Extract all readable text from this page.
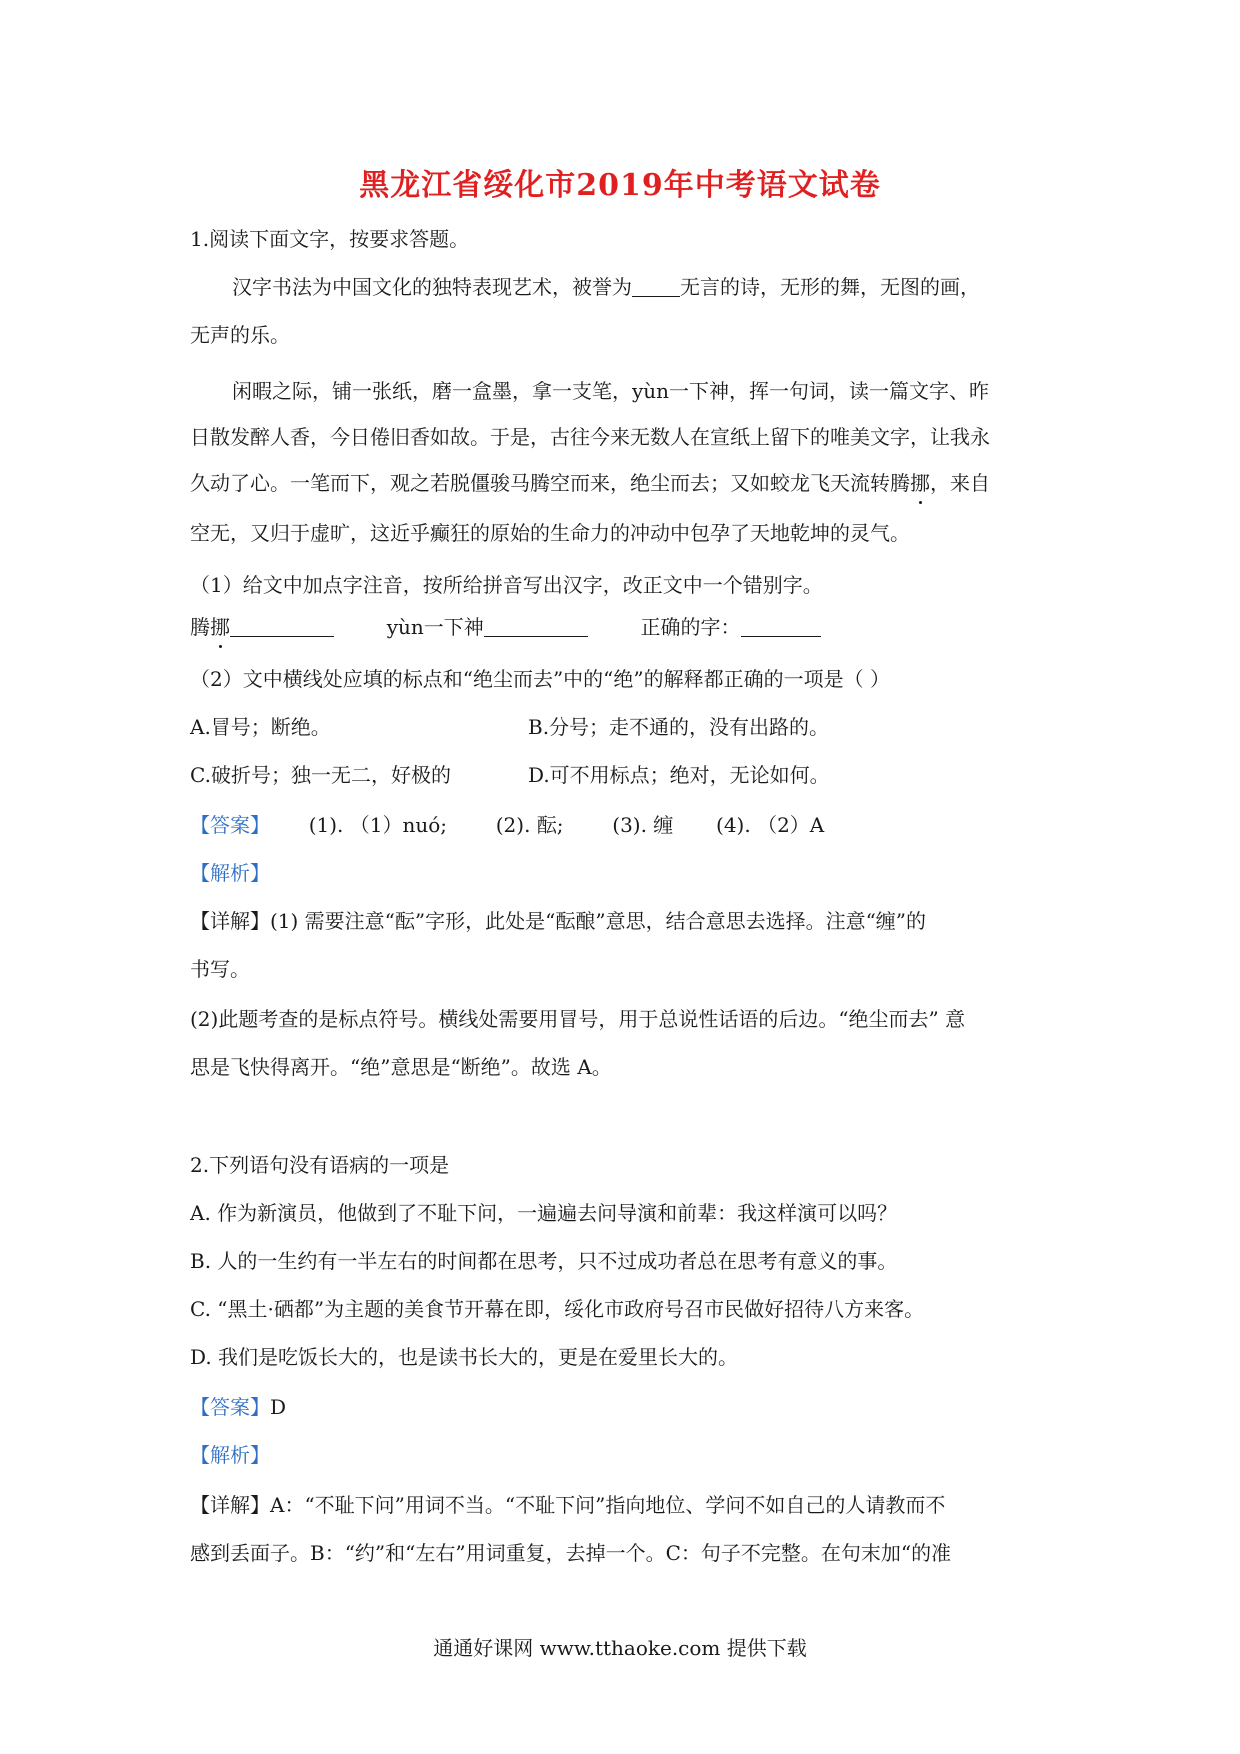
黑龙江省绥化市2019年中考语文试卷
1.阅读下面文字，按要求答题。
汉字书法为中国文化的独特表现艺术，被誉为 无言的诗，无形的舞，无图的画，
无声的乐。
闲暇之际，铺一张纸，磨一盒墨，拿一支笔，yùn一下神，挥一句词，读一篇文字、昨
日散发醉人香，今日倦旧香如故。于是，古往今来无数人在宣纸上留下的唯美文字，让我永
久动了心。一笔而下，观之若脱僵骏马腾空而来，绝尘而去；又如蛟龙飞天流转腾挪，来自
空无，又归于虚旷，这近乎癫狂的原始的生命力的冲动中包孕了天地乾坤的灵气。
（1）给文中加点字注音，按所给拼音写出汉字，改正文中一个错别字。
腾挪	yùn一下神	正确的字：
（2）文中横线处应填的标点和“绝尘而去”中的“绝”的解释都正确的一项是（ ）
A.冒号；断绝。	B.分号；走不通的，没有出路的。
C.破折号；独一无二，好极的	D.可不用标点；绝对，无论如何。
【答案】 (1). （1）nuó; (2). 酝; (3). 缠 (4). （2）A
【解析】
【详解】(1) 需要注意“酝”字形，此处是“酝酿”意思，结合意思去选择。注意“缠”的
书写。
(2)此题考查的是标点符号。横线处需要用冒号，用于总说性话语的后边。“绝尘而去” 意
思是飞快得离开。“绝”意思是“断绝”。故选 A。
2.下列语句没有语病的一项是
A. 作为新演员，他做到了不耻下问，一遍遍去问导演和前辈：我这样演可以吗？
B. 人的一生约有一半左右的时间都在思考，只不过成功者总在思考有意义的事。
C. “黑土·硒都”为主题的美食节开幕在即，绥化市政府号召市民做好招待八方来客。
D. 我们是吃饭长大的，也是读书长大的，更是在爱里长大的。
【答案】D
【解析】
【详解】A：“不耻下问”用词不当。“不耻下问”指向地位、学问不如自己的人请教而不
感到丢面子。B：“约”和“左右”用词重复，去掉一个。C：句子不完整。在句末加“的准
通通好课网 www.tthaoke.com 提供下载
